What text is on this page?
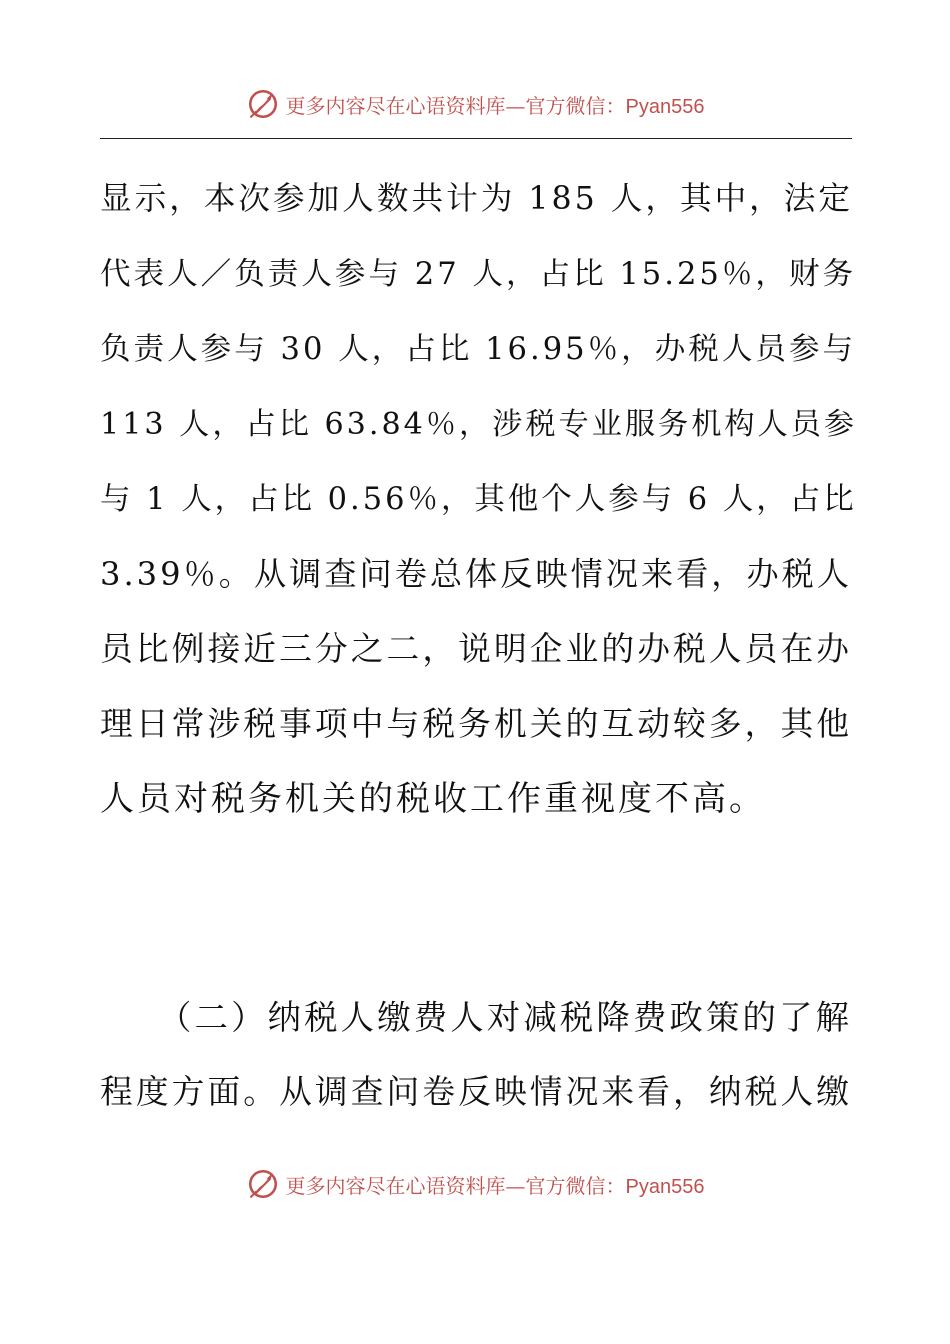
更多内容尽在心语资料库—官方微信：Pyan556
显示，本次参加人数共计为 185 人，其中，法定
代表人／负责人参与 27 人，占比 15.25％，财务
负责人参与 30 人，占比 16.95％，办税人员参与
113 人，占比 63.84％，涉税专业服务机构人员参
与 1 人，占比 0.56％，其他个人参与 6 人，占比
3.39％。从调查问卷总体反映情况来看，办税人
员比例接近三分之二，说明企业的办税人员在办
理日常涉税事项中与税务机关的互动较多，其他
人员对税务机关的税收工作重视度不高。
（二）纳税人缴费人对减税降费政策的了解
程度方面。从调查问卷反映情况来看，纳税人缴
更多内容尽在心语资料库—官方微信：Pyan556
